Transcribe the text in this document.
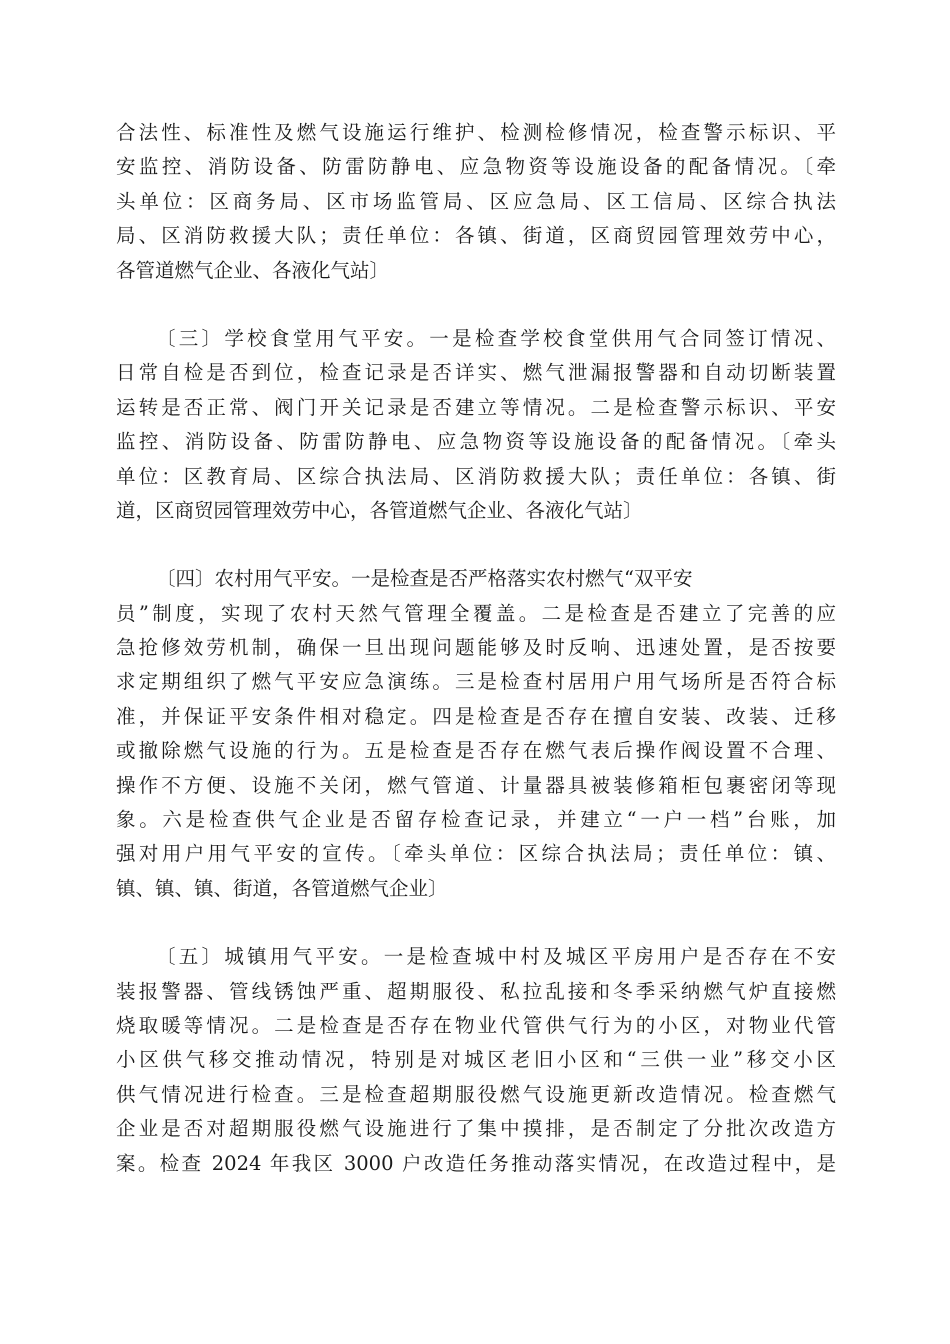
合法性、标准性及燃气设施运行维护、检测检修情况，检查警示标识、平
安监控、消防设备、防雷防静电、应急物资等设施设备的配备情况。〔牵
头单位：区商务局、区市场监管局、区应急局、区工信局、区综合执法
局、区消防救援大队；责任单位：各镇、街道，区商贸园管理效劳中心，
各管道燃气企业、各液化气站〕
〔三〕学校食堂用气平安。一是检查学校食堂供用气合同签订情况、
日常自检是否到位，检查记录是否详实、燃气泄漏报警器和自动切断装置
运转是否正常、阀门开关记录是否建立等情况。二是检查警示标识、平安
监控、消防设备、防雷防静电、应急物资等设施设备的配备情况。〔牵头
单位：区教育局、区综合执法局、区消防救援大队；责任单位：各镇、街
道，区商贸园管理效劳中心，各管道燃气企业、各液化气站〕
〔四〕农村用气平安。一是检查是否严格落实农村燃气“双平安
员”制度，实现了农村天然气管理全覆盖。二是检查是否建立了完善的应
急抢修效劳机制，确保一旦出现问题能够及时反响、迅速处置，是否按要
求定期组织了燃气平安应急演练。三是检查村居用户用气场所是否符合标
准，并保证平安条件相对稳定。四是检查是否存在擅自安装、改装、迁移
或撤除燃气设施的行为。五是检查是否存在燃气表后操作阀设置不合理、
操作不方便、设施不关闭，燃气管道、计量器具被装修箱柜包裹密闭等现
象。六是检查供气企业是否留存检查记录，并建立“一户一档”台账，加
强对用户用气平安的宣传。〔牵头单位：区综合执法局；责任单位：镇、
镇、镇、镇、街道，各管道燃气企业〕
〔五〕城镇用气平安。一是检查城中村及城区平房用户是否存在不安
装报警器、管线锈蚀严重、超期服役、私拉乱接和冬季采纳燃气炉直接燃
烧取暖等情况。二是检查是否存在物业代管供气行为的小区，对物业代管
小区供气移交推动情况，特别是对城区老旧小区和“三供一业”移交小区
供气情况进行检查。三是检查超期服役燃气设施更新改造情况。检查燃气
企业是否对超期服役燃气设施进行了集中摸排，是否制定了分批次改造方
案。检查 2024 年我区 3000 户改造任务推动落实情况，在改造过程中，是
